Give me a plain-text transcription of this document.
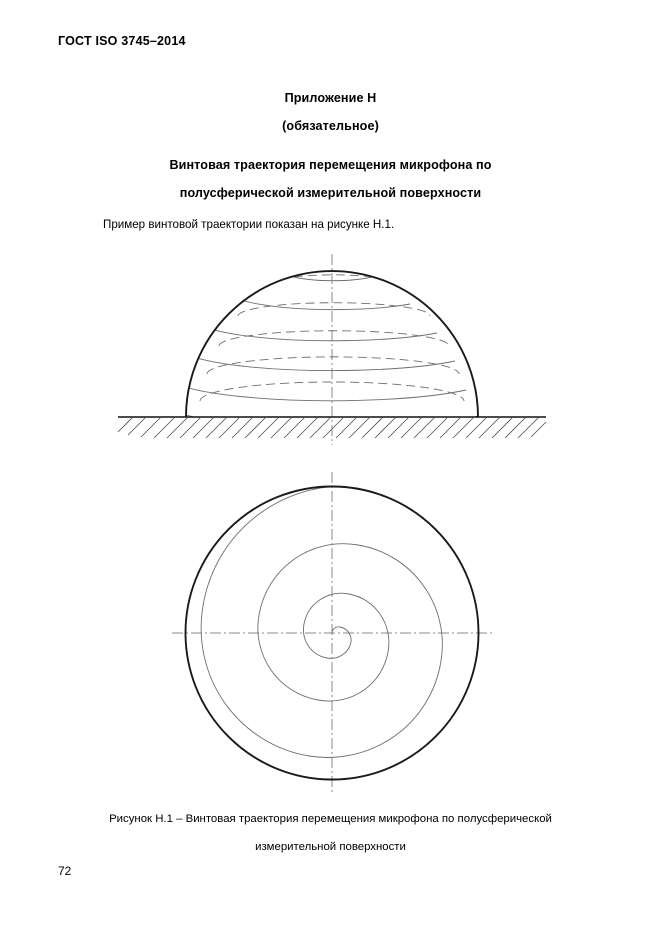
ГОСТ ISO 3745–2014
Приложение Н
(обязательное)
Винтовая траектория перемещения микрофона по
полусферической измерительной поверхности
Пример винтовой траектории показан на рисунке Н.1.
Рисунок Н.1 – Винтовая траектория перемещения микрофона по полусферической
измерительной поверхности
72
